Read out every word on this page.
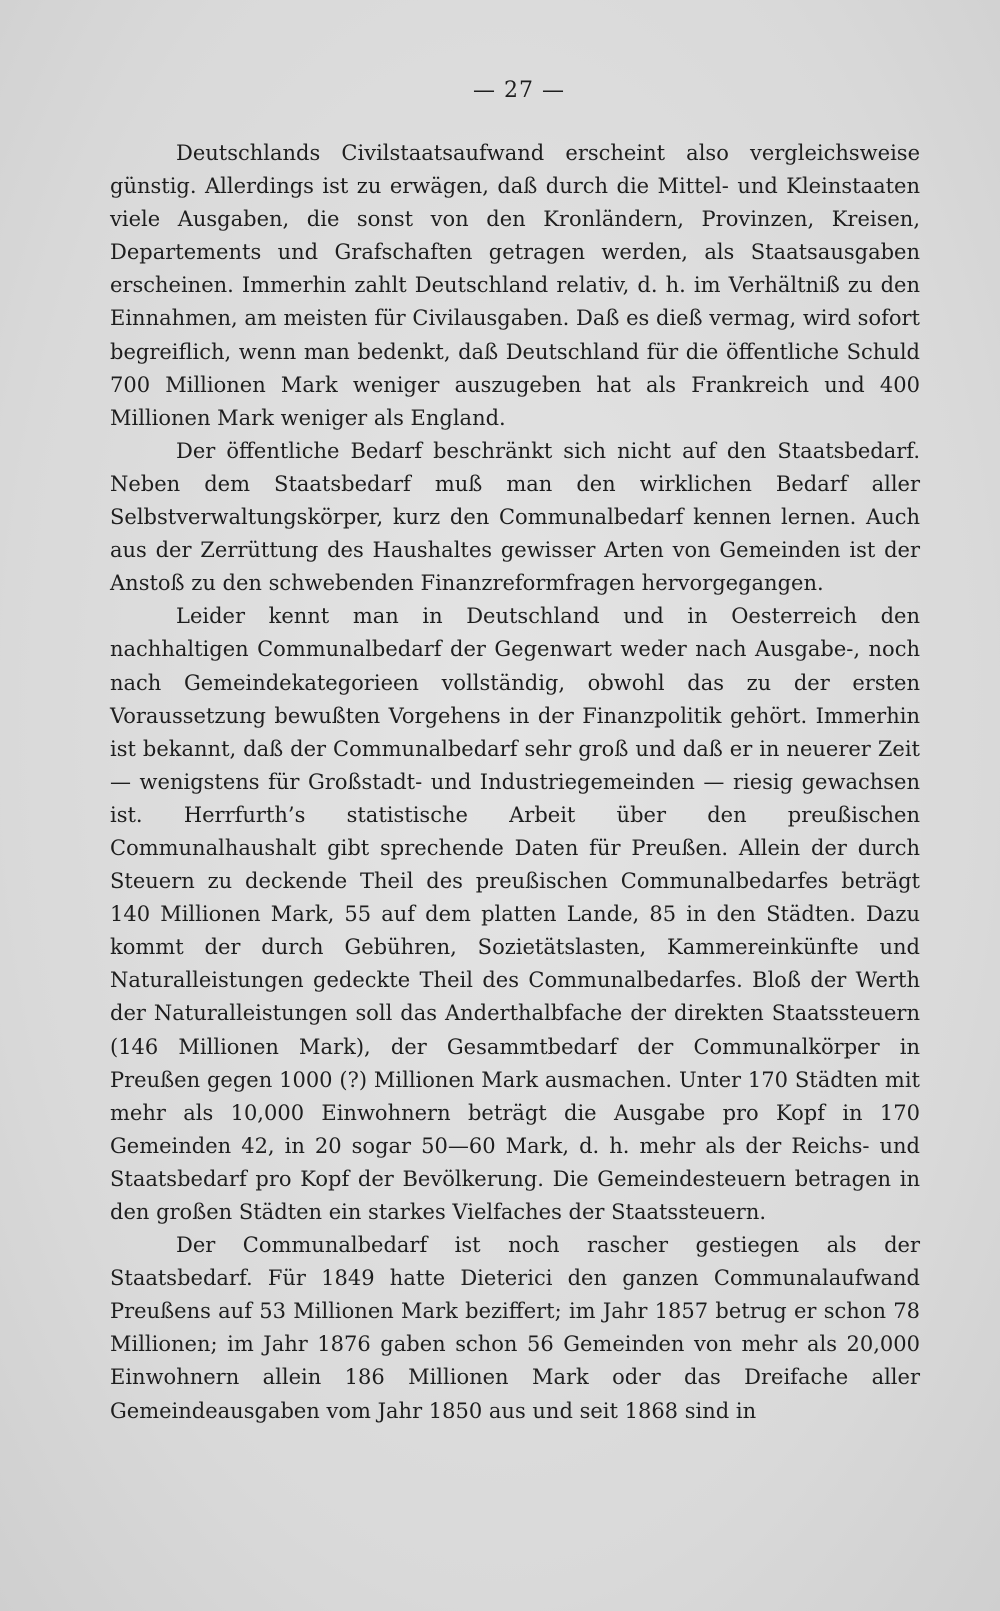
— 27 —

Deutschlands Civilstaatsaufwand erscheint also vergleichsweise günstig. Allerdings ist zu erwägen, daß durch die Mittel- und Kleinstaaten viele Ausgaben, die sonst von den Kronländern, Provinzen, Kreisen, Departements und Grafschaften getragen werden, als Staatsausgaben erscheinen. Immerhin zahlt Deutschland relativ, d. h. im Verhältniß zu den Einnahmen, am meisten für Civilausgaben. Daß es dieß vermag, wird sofort begreiflich, wenn man bedenkt, daß Deutschland für die öffentliche Schuld 700 Millionen Mark weniger auszugeben hat als Frankreich und 400 Millionen Mark weniger als England.

Der öffentliche Bedarf beschränkt sich nicht auf den Staatsbedarf. Neben dem Staatsbedarf muß man den wirklichen Bedarf aller Selbstverwaltungskörper, kurz den Communalbedarf kennen lernen. Auch aus der Zerrüttung des Haushaltes gewisser Arten von Gemeinden ist der Anstoß zu den schwebenden Finanzreformfragen hervorgegangen.

Leider kennt man in Deutschland und in Oesterreich den nachhaltigen Communalbedarf der Gegenwart weder nach Ausgabe-, noch nach Gemeindekategorieen vollständig, obwohl das zu der ersten Voraussetzung bewußten Vorgehens in der Finanzpolitik gehört. Immerhin ist bekannt, daß der Communalbedarf sehr groß und daß er in neuerer Zeit — wenigstens für Großstadt- und Industriegemeinden — riesig gewachsen ist. Herrfurth’s statistische Arbeit über den preußischen Communalhaushalt gibt sprechende Daten für Preußen. Allein der durch Steuern zu deckende Theil des preußischen Communalbedarfes beträgt 140 Millionen Mark, 55 auf dem platten Lande, 85 in den Städten. Dazu kommt der durch Gebühren, Sozietätslasten, Kammereinkünfte und Naturalleistungen gedeckte Theil des Communalbedarfes. Bloß der Werth der Naturalleistungen soll das Anderthalbfache der direkten Staatssteuern (146 Millionen Mark), der Gesammtbedarf der Communalkörper in Preußen gegen 1000 (?) Millionen Mark ausmachen. Unter 170 Städten mit mehr als 10,000 Einwohnern beträgt die Ausgabe pro Kopf in 170 Gemeinden 42, in 20 sogar 50—60 Mark, d. h. mehr als der Reichs- und Staatsbedarf pro Kopf der Bevölkerung. Die Gemeindesteuern betragen in den großen Städten ein starkes Vielfaches der Staatssteuern.

Der Communalbedarf ist noch rascher gestiegen als der Staatsbedarf. Für 1849 hatte Dieterici den ganzen Communalaufwand Preußens auf 53 Millionen Mark beziffert; im Jahr 1857 betrug er schon 78 Millionen; im Jahr 1876 gaben schon 56 Gemeinden von mehr als 20,000 Einwohnern allein 186 Millionen Mark oder das Dreifache aller Gemeindeausgaben vom Jahr 1850 aus und seit 1868 sind in
